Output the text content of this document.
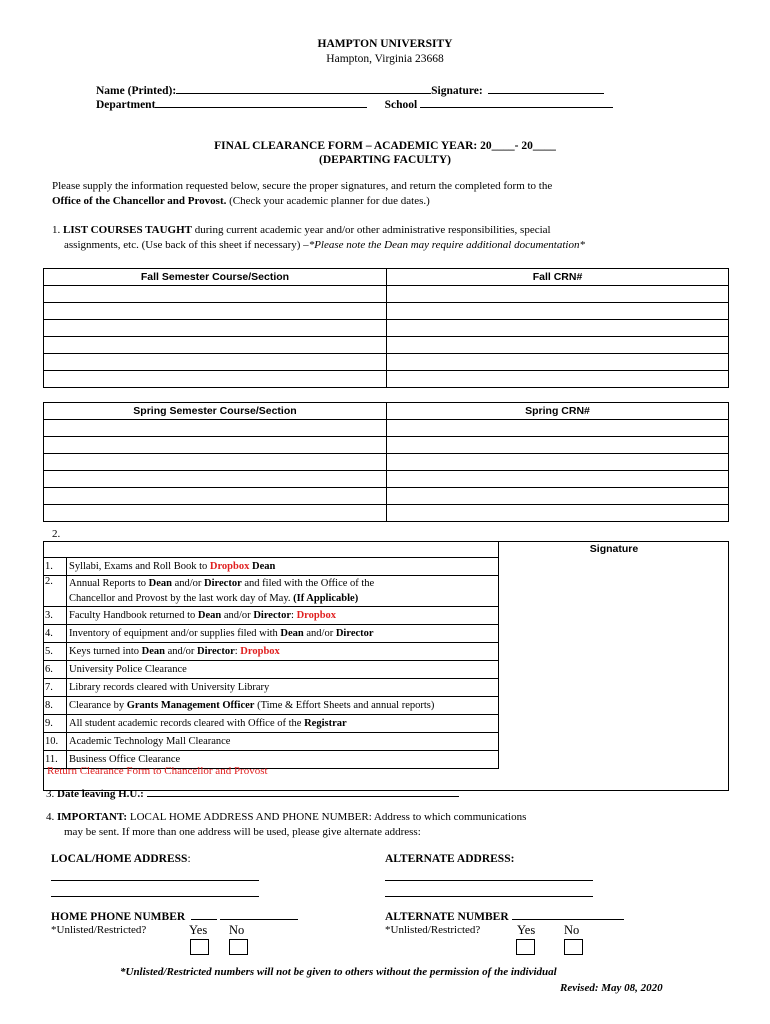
HAMPTON UNIVERSITY
Hampton, Virginia 23668
Name (Printed):	Signature:
Department	School
FINAL CLEARANCE FORM – ACADEMIC YEAR: 20____- 20____
(DEPARTING FACULTY)
Please supply the information requested below, secure the proper signatures, and return the completed form to the
Office of the Chancellor and Provost. (Check your academic planner for due dates.)
1. LIST COURSES TAUGHT during current academic year and/or other administrative responsibilities, special
assignments, etc. (Use back of this sheet if necessary) –*Please note the Dean may require additional documentation*
Fall Semester Course/Section	Fall CRN#

Spring Semester Course/Section	Spring CRN#

2.
Signature
1.	Syllabi, Exams and Roll Book to Dropbox Dean
2.	Annual Reports to Dean and/or Director and filed with the Office of the
Chancellor and Provost by the last work day of May. (If Applicable)
3.	Faculty Handbook returned to Dean and/or Director: Dropbox
4.	Inventory of equipment and/or supplies filed with Dean and/or Director
5.	Keys turned into Dean and/or Director: Dropbox
6.	University Police Clearance
7.	Library records cleared with University Library
8.	Clearance by Grants Management Officer (Time & Effort Sheets and annual reports)
9.	All student academic records cleared with Office of the Registrar
10.	Academic Technology Mall Clearance
11.	Business Office Clearance
Return Clearance Form to Chancellor and Provost
3. Date leaving H.U.:
4. IMPORTANT: LOCAL HOME ADDRESS AND PHONE NUMBER: Address to which communications
may be sent. If more than one address will be used, please give alternate address:
LOCAL/HOME ADDRESS:	ALTERNATE ADDRESS:
HOME PHONE NUMBER	ALTERNATE NUMBER
*Unlisted/Restricted?	Yes No	*Unlisted/Restricted?	Yes No
*Unlisted/Restricted numbers will not be given to others without the permission of the individual
Revised: May 08, 2020
